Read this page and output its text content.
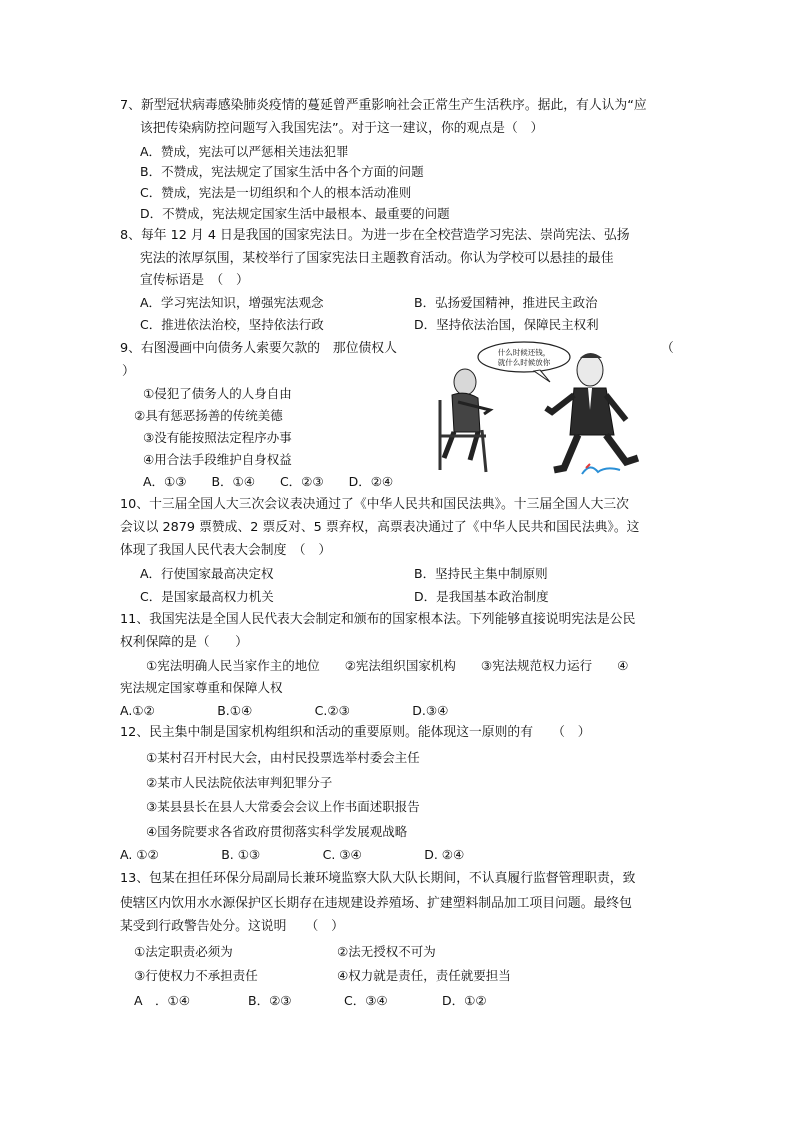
7、新型冠状病毒感染肺炎疫情的蔓延曾严重影响社会正常生产生活秩序。据此，有人认为“应
该把传染病防控问题写入我国宪法”。对于这一建议，你的观点是（　）
A．赞成，宪法可以严惩相关违法犯罪
B．不赞成，宪法规定了国家生活中各个方面的问题
C．赞成，宪法是一切组织和个人的根本活动准则
D．不赞成，宪法规定国家生活中最根本、最重要的问题
8、每年 12 月 4 日是我国的国家宪法日。为进一步在全校营造学习宪法、崇尚宪法、弘扬
宪法的浓厚氛围，某校举行了国家宪法日主题教育活动。你认为学校可以悬挂的最佳
宣传标语是　（　）
A．学习宪法知识，增强宪法观念	B．弘扬爱国精神，推进民主政治
C．推进依法治校，坚持依法行政	D．坚持依法治国，保障民主权利
9、右图漫画中向债务人索要欠款的　那位债权人	（
）
①侵犯了债务人的人身自由
②具有惩恶扬善的传统美德
③没有能按照法定程序办事
④用合法手段维护自身权益
A．①③　　B．①④　　C．②③　　D．②④
什么时候还钱，
就什么时候放你
10、十三届全国人大三次会议表决通过了《中华人民共和国民法典》。十三届全国人大三次
会议以 2879 票赞成、2 票反对、5 票弃权，高票表决通过了《中华人民共和国民法典》。这
体现了我国人民代表大会制度　（　）
A．行使国家最高决定权	B．坚持民主集中制原则
C．是国家最高权力机关	D．是我国基本政治制度
11、我国宪法是全国人民代表大会制定和颁布的国家根本法。下列能够直接说明宪法是公民
权利保障的是（　　）
①宪法明确人民当家作主的地位　　②宪法组织国家机构　　③宪法规范权力运行　　④
宪法规定国家尊重和保障人权
A.①②　　　　　B.①④　　　　　C.②③　　　　　D.③④
12、民主集中制是国家机构组织和活动的重要原则。能体现这一原则的有　　（　）
①某村召开村民大会，由村民投票选举村委会主任
②某市人民法院依法审判犯罪分子
③某县县长在县人大常委会会议上作书面述职报告
④国务院要求各省政府贯彻落实科学发展观战略
A. ①②　　　　　B. ①③　　　　　C. ③④　　　　　D. ②④
13、包某在担任环保分局副局长兼环境监察大队大队长期间，不认真履行监督管理职责，致
使辖区内饮用水水源保护区长期存在违规建设养殖场、扩建塑料制品加工项目问题。最终包
某受到行政警告处分。这说明　　（　）
①法定职责必须为	②法无授权不可为
③行使权力不承担责任	④权力就是责任，责任就要担当
A　．①④	B．②③	C．③④	D．①②
